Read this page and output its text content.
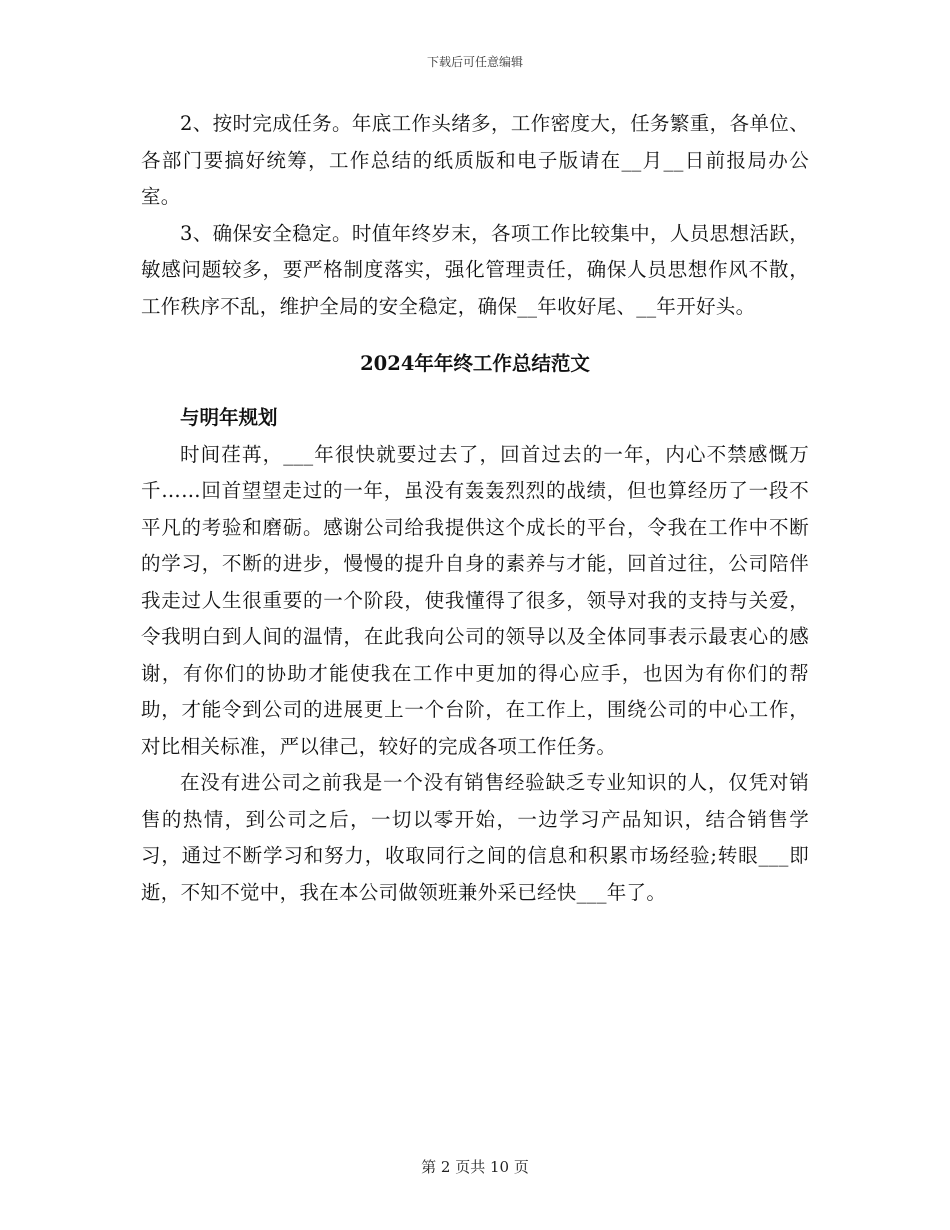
下载后可任意编辑

2、按时完成任务。年底工作头绪多，工作密度大，任务繁重，各单位、各部门要搞好统筹，工作总结的纸质版和电子版请在__月__日前报局办公室。

3、确保安全稳定。时值年终岁末，各项工作比较集中，人员思想活跃，敏感问题较多，要严格制度落实，强化管理责任，确保人员思想作风不散，工作秩序不乱，维护全局的安全稳定，确保__年收好尾、__年开好头。

2024年年终工作总结范文

与明年规划

时间荏苒，___年很快就要过去了，回首过去的一年，内心不禁感慨万千……回首望望走过的一年，虽没有轰轰烈烈的战绩，但也算经历了一段不平凡的考验和磨砺。感谢公司给我提供这个成长的平台，令我在工作中不断的学习，不断的进步，慢慢的提升自身的素养与才能，回首过往，公司陪伴我走过人生很重要的一个阶段，使我懂得了很多，领导对我的支持与关爱，令我明白到人间的温情，在此我向公司的领导以及全体同事表示最衷心的感谢，有你们的协助才能使我在工作中更加的得心应手，也因为有你们的帮助，才能令到公司的进展更上一个台阶，在工作上，围绕公司的中心工作，对比相关标准，严以律己，较好的完成各项工作任务。

在没有进公司之前我是一个没有销售经验缺乏专业知识的人，仅凭对销售的热情，到公司之后，一切以零开始，一边学习产品知识，结合销售学习，通过不断学习和努力，收取同行之间的信息和积累市场经验;转眼___即逝，不知不觉中，我在本公司做领班兼外采已经快___年了。

第 2 页共 10 页
